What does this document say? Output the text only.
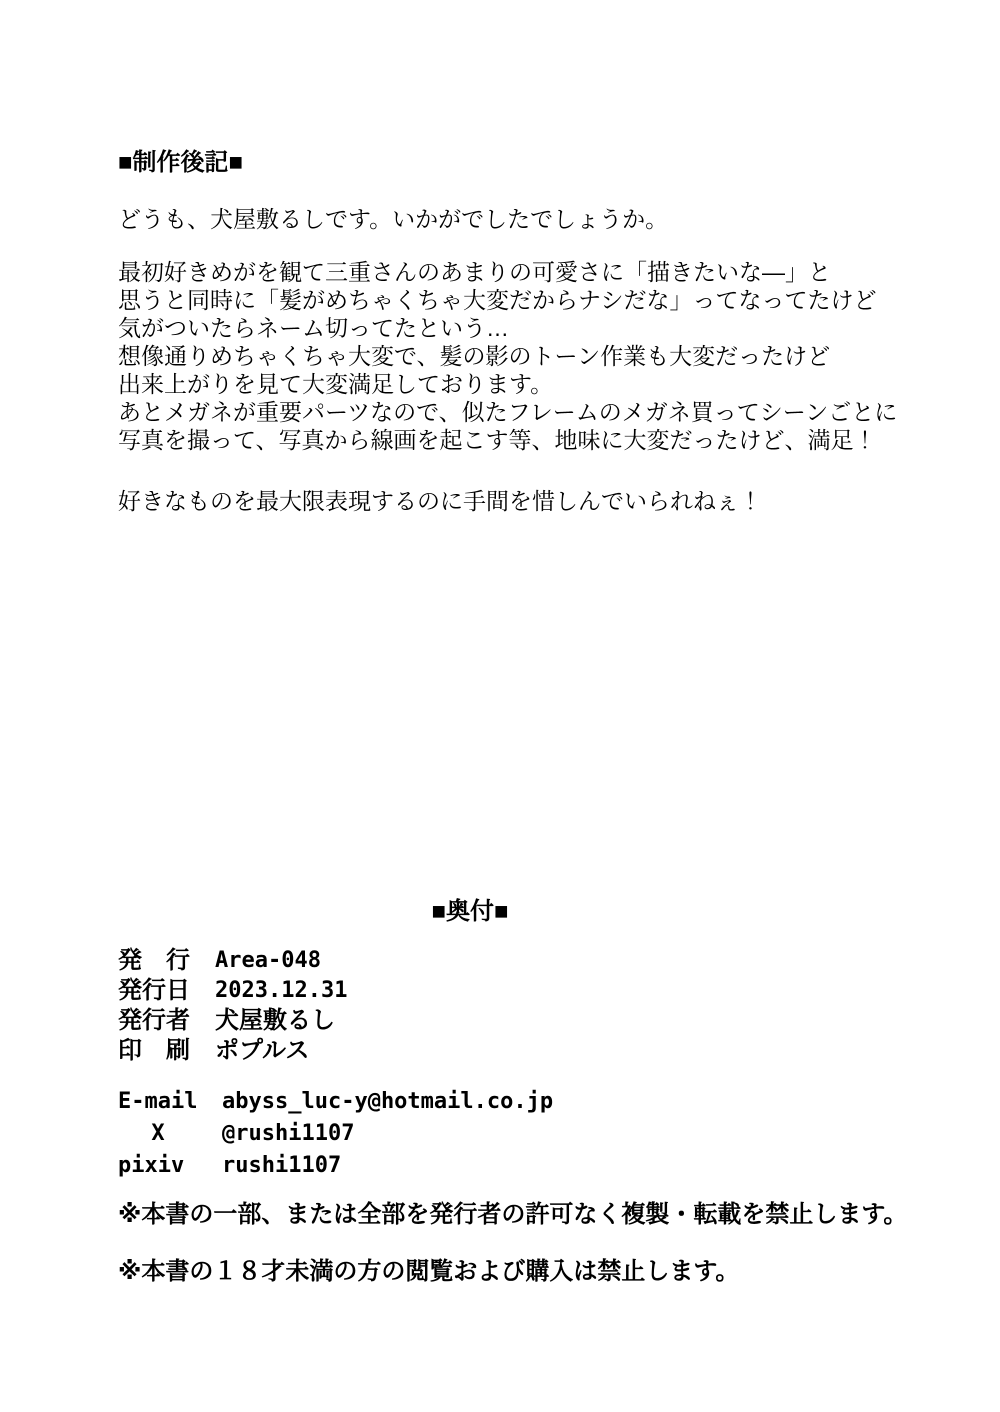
■制作後記■
どうも、犬屋敷るしです。いかがでしたでしょうか。
最初好きめがを観て三重さんのあまりの可愛さに「描きたいな—」と
思うと同時に「髪がめちゃくちゃ大変だからナシだな」ってなってたけど
気がついたらネーム切ってたという…
想像通りめちゃくちゃ大変で、髪の影のトーン作業も大変だったけど
出来上がりを見て大変満足しております。
あとメガネが重要パーツなので、似たフレームのメガネ買ってシーンごとに
写真を撮って、写真から線画を起こす等、地味に大変だったけど、満足！
好きなものを最大限表現するのに手間を惜しんでいられねぇ！
■奥付■
発　行	Area-048
発行日	2023.12.31
発行者	犬屋敷るし
印　刷	ポプルス
E-mail	abyss_luc-y@hotmail.co.jp
X	@rushi1107
pixiv	rushi1107
※本書の一部、または全部を発行者の許可なく複製・転載を禁止します。
※本書の１８才未満の方の閲覧および購入は禁止します。
